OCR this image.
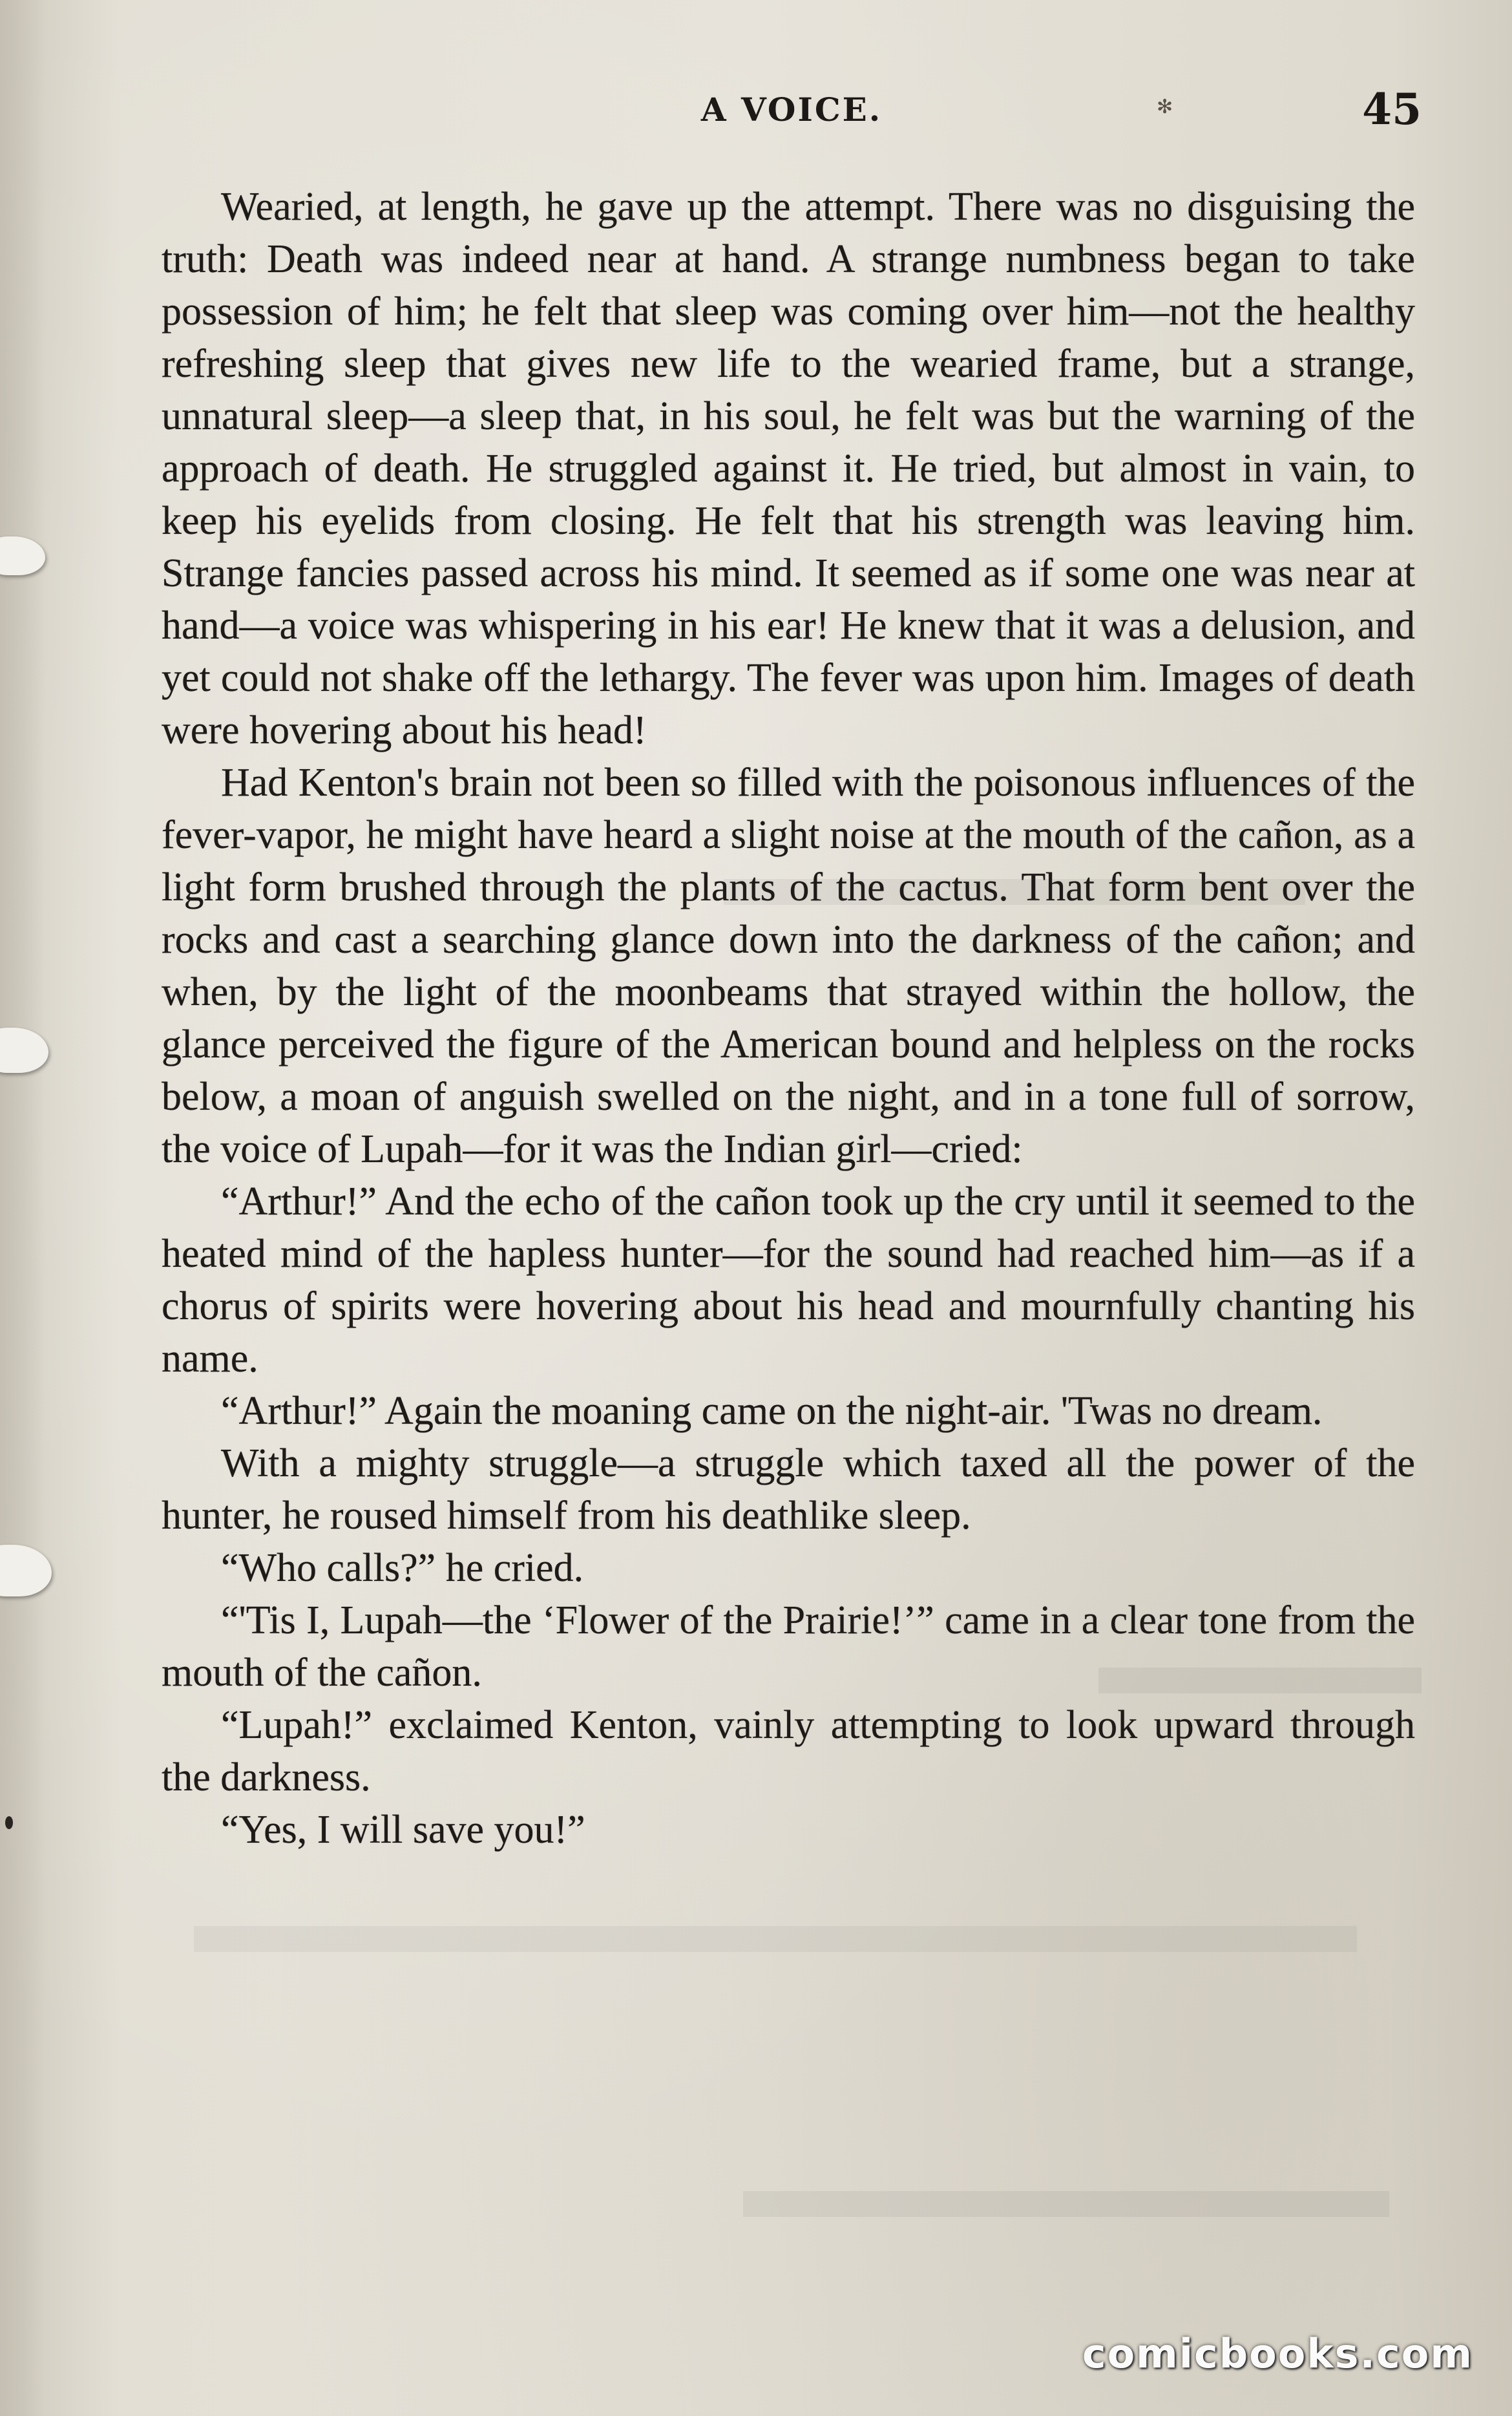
A VOICE.	✻	45

Wearied, at length, he gave up the attempt. There was no disguising the truth: Death was indeed near at hand. A strange numbness began to take possession of him; he felt that sleep was coming over him—not the healthy refreshing sleep that gives new life to the wearied frame, but a strange, unnatural sleep—a sleep that, in his soul, he felt was but the warning of the approach of death. He struggled against it. He tried, but almost in vain, to keep his eyelids from closing. He felt that his strength was leaving him. Strange fancies passed across his mind. It seemed as if some one was near at hand—a voice was whispering in his ear! He knew that it was a delusion, and yet could not shake off the lethargy. The fever was upon him. Images of death were hovering about his head!

Had Kenton's brain not been so filled with the poisonous influences of the fever-vapor, he might have heard a slight noise at the mouth of the cañon, as a light form brushed through the plants of the cactus. That form bent over the rocks and cast a searching glance down into the darkness of the cañon; and when, by the light of the moonbeams that strayed within the hollow, the glance perceived the figure of the American bound and helpless on the rocks below, a moan of anguish swelled on the night, and in a tone full of sorrow, the voice of Lupah—for it was the Indian girl—cried:

“Arthur!” And the echo of the cañon took up the cry until it seemed to the heated mind of the hapless hunter—for the sound had reached him—as if a chorus of spirits were hovering about his head and mournfully chanting his name.

“Arthur!” Again the moaning came on the night-air. 'Twas no dream.

With a mighty struggle—a struggle which taxed all the power of the hunter, he roused himself from his deathlike sleep.

“Who calls?” he cried.

“'Tis I, Lupah—the ‘Flower of the Prairie!’” came in a clear tone from the mouth of the cañon.

“Lupah!” exclaimed Kenton, vainly attempting to look upward through the darkness.

“Yes, I will save you!”

comicbooks.com
